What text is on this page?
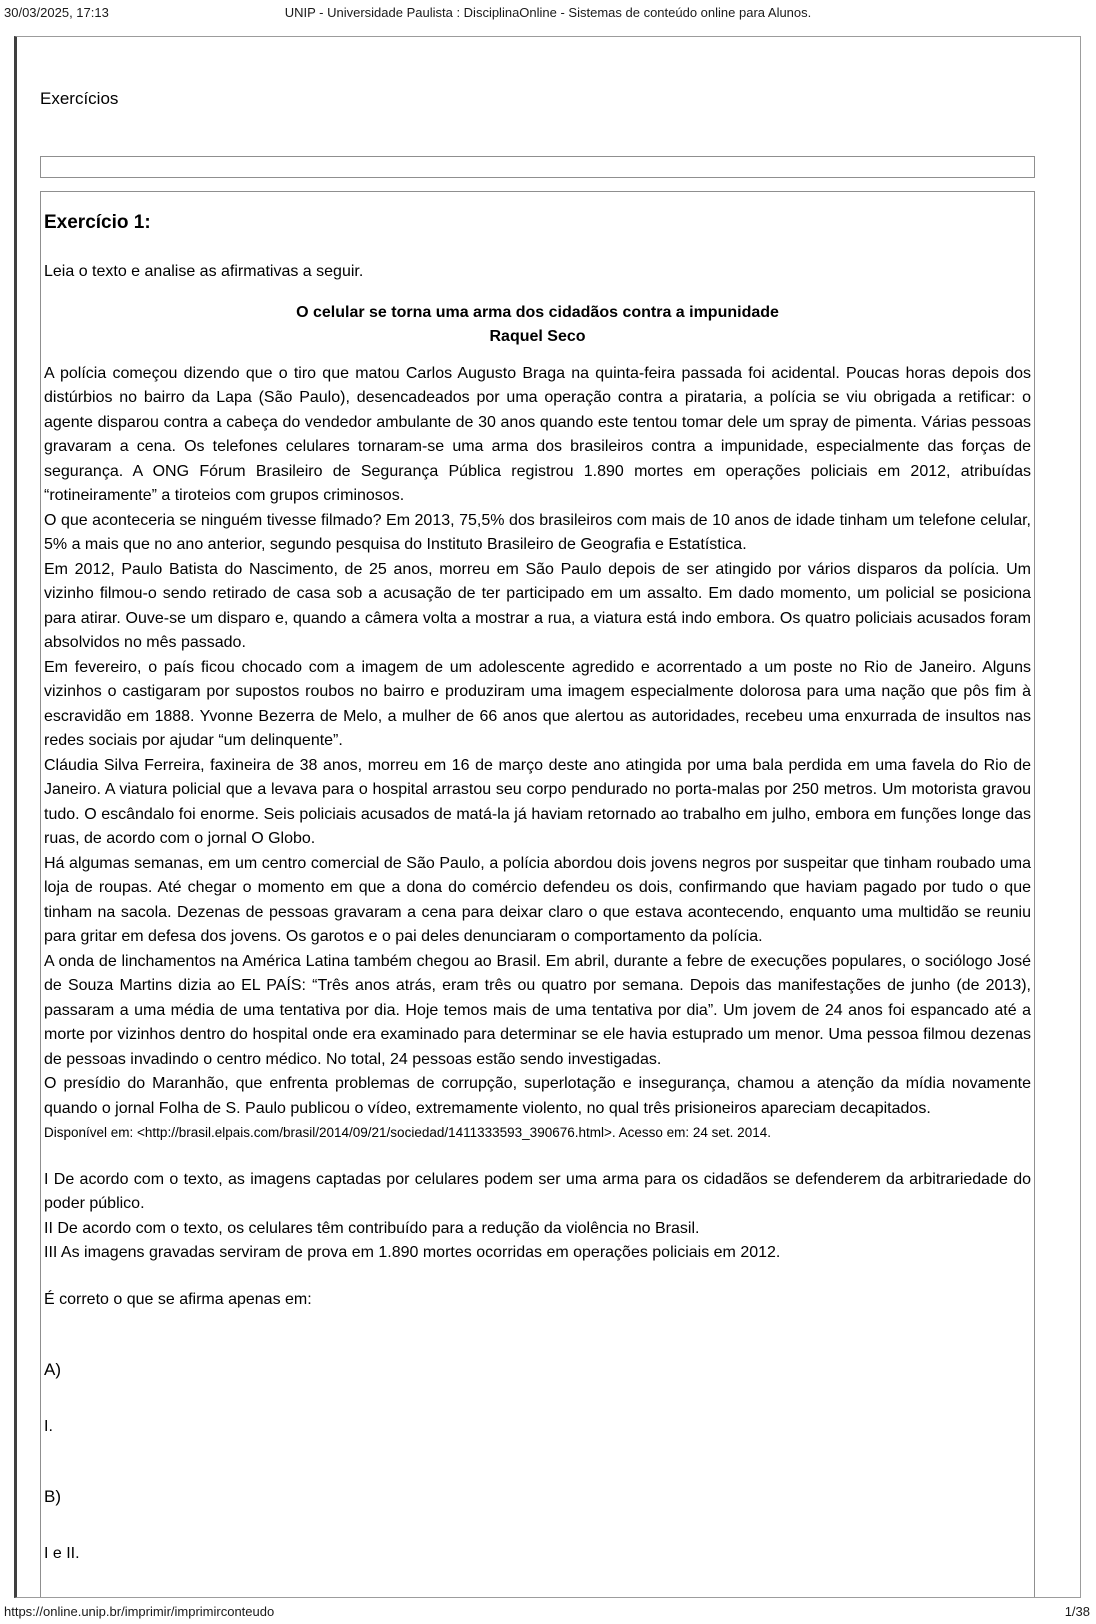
30/03/2025, 17:13	UNIP - Universidade Paulista : DisciplinaOnline - Sistemas de conteúdo online para Alunos.
Exercícios
Exercício 1:

Leia o texto e analise as afirmativas a seguir.

O celular se torna uma arma dos cidadãos contra a impunidade

Raquel Seco

A polícia começou dizendo que o tiro que matou Carlos Augusto Braga na quinta-feira passada foi acidental. Poucas horas depois dos distúrbios no bairro da Lapa (São Paulo), desencadeados por uma operação contra a pirataria, a polícia se viu obrigada a retificar: o agente disparou contra a cabeça do vendedor ambulante de 30 anos quando este tentou tomar dele um spray de pimenta. Várias pessoas gravaram a cena. Os telefones celulares tornaram-se uma arma dos brasileiros contra a impunidade, especialmente das forças de segurança. A ONG Fórum Brasileiro de Segurança Pública registrou 1.890 mortes em operações policiais em 2012, atribuídas “rotineiramente” a tiroteios com grupos criminosos.

O que aconteceria se ninguém tivesse filmado? Em 2013, 75,5% dos brasileiros com mais de 10 anos de idade tinham um telefone celular, 5% a mais que no ano anterior, segundo pesquisa do Instituto Brasileiro de Geografia e Estatística.

Em 2012, Paulo Batista do Nascimento, de 25 anos, morreu em São Paulo depois de ser atingido por vários disparos da polícia. Um vizinho filmou-o sendo retirado de casa sob a acusação de ter participado em um assalto. Em dado momento, um policial se posiciona para atirar. Ouve-se um disparo e, quando a câmera volta a mostrar a rua, a viatura está indo embora. Os quatro policiais acusados foram absolvidos no mês passado.

Em fevereiro, o país ficou chocado com a imagem de um adolescente agredido e acorrentado a um poste no Rio de Janeiro. Alguns vizinhos o castigaram por supostos roubos no bairro e produziram uma imagem especialmente dolorosa para uma nação que pôs fim à escravidão em 1888. Yvonne Bezerra de Melo, a mulher de 66 anos que alertou as autoridades, recebeu uma enxurrada de insultos nas redes sociais por ajudar “um delinquente”.

Cláudia Silva Ferreira, faxineira de 38 anos, morreu em 16 de março deste ano atingida por uma bala perdida em uma favela do Rio de Janeiro. A viatura policial que a levava para o hospital arrastou seu corpo pendurado no porta-malas por 250 metros. Um motorista gravou tudo. O escândalo foi enorme. Seis policiais acusados de matá-la já haviam retornado ao trabalho em julho, embora em funções longe das ruas, de acordo com o jornal O Globo.

Há algumas semanas, em um centro comercial de São Paulo, a polícia abordou dois jovens negros por suspeitar que tinham roubado uma loja de roupas. Até chegar o momento em que a dona do comércio defendeu os dois, confirmando que haviam pagado por tudo o que tinham na sacola. Dezenas de pessoas gravaram a cena para deixar claro o que estava acontecendo, enquanto uma multidão se reuniu para gritar em defesa dos jovens. Os garotos e o pai deles denunciaram o comportamento da polícia.

A onda de linchamentos na América Latina também chegou ao Brasil. Em abril, durante a febre de execuções populares, o sociólogo José de Souza Martins dizia ao EL PAÍS: “Três anos atrás, eram três ou quatro por semana. Depois das manifestações de junho (de 2013), passaram a uma média de uma tentativa por dia. Hoje temos mais de uma tentativa por dia”. Um jovem de 24 anos foi espancado até a morte por vizinhos dentro do hospital onde era examinado para determinar se ele havia estuprado um menor. Uma pessoa filmou dezenas de pessoas invadindo o centro médico. No total, 24 pessoas estão sendo investigadas.

O presídio do Maranhão, que enfrenta problemas de corrupção, superlotação e insegurança, chamou a atenção da mídia novamente quando o jornal Folha de S. Paulo publicou o vídeo, extremamente violento, no qual três prisioneiros apareciam decapitados.

Disponível em: <http://brasil.elpais.com/brasil/2014/09/21/sociedad/1411333593_390676.html>. Acesso em: 24 set. 2014.

I De acordo com o texto, as imagens captadas por celulares podem ser uma arma para os cidadãos se defenderem da arbitrariedade do poder público.

II De acordo com o texto, os celulares têm contribuído para a redução da violência no Brasil.

III As imagens gravadas serviram de prova em 1.890 mortes ocorridas em operações policiais em 2012.

É correto o que se afirma apenas em:

A)

I.

B)

I e II.

https://online.unip.br/imprimir/imprimirconteudo	1/38
